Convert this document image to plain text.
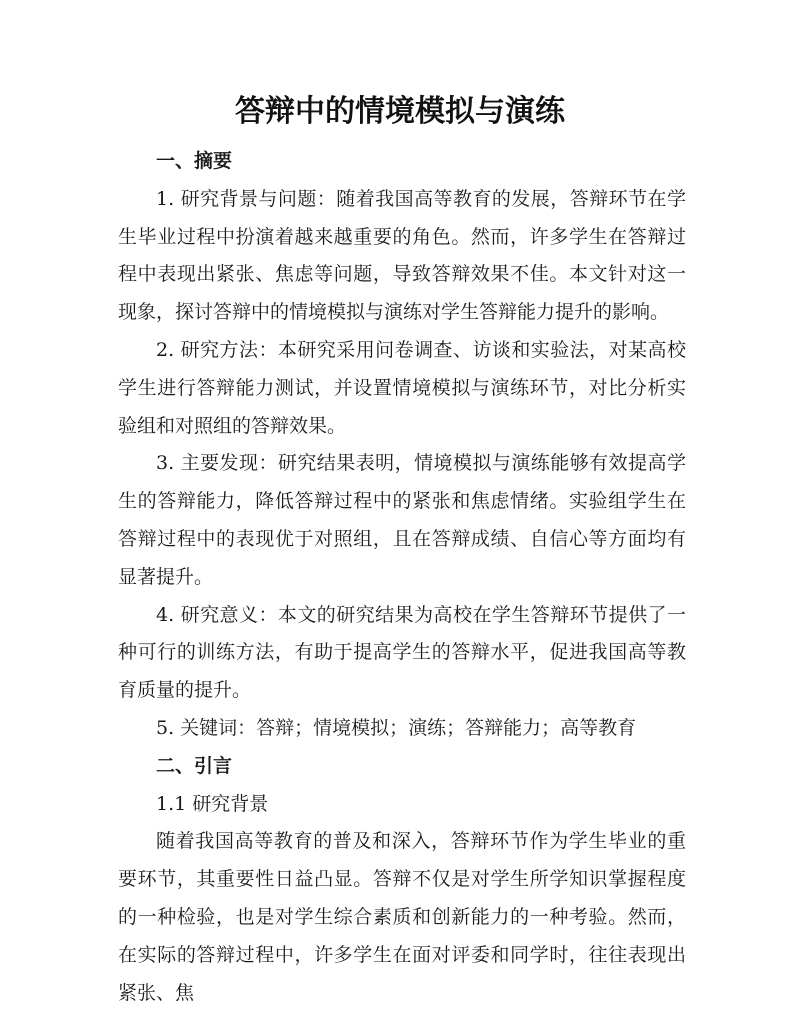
答辩中的情境模拟与演练

一、摘要

1. 研究背景与问题：随着我国高等教育的发展，答辩环节在学生毕业过程中扮演着越来越重要的角色。然而，许多学生在答辩过程中表现出紧张、焦虑等问题，导致答辩效果不佳。本文针对这一现象，探讨答辩中的情境模拟与演练对学生答辩能力提升的影响。

2. 研究方法：本研究采用问卷调查、访谈和实验法，对某高校学生进行答辩能力测试，并设置情境模拟与演练环节，对比分析实验组和对照组的答辩效果。

3. 主要发现：研究结果表明，情境模拟与演练能够有效提高学生的答辩能力，降低答辩过程中的紧张和焦虑情绪。实验组学生在答辩过程中的表现优于对照组，且在答辩成绩、自信心等方面均有显著提升。

4. 研究意义：本文的研究结果为高校在学生答辩环节提供了一种可行的训练方法，有助于提高学生的答辩水平，促进我国高等教育质量的提升。

5. 关键词：答辩；情境模拟；演练；答辩能力；高等教育

二、引言

1.1 研究背景

随着我国高等教育的普及和深入，答辩环节作为学生毕业的重要环节，其重要性日益凸显。答辩不仅是对学生所学知识掌握程度的一种检验，也是对学生综合素质和创新能力的一种考验。然而，在实际的答辩过程中，许多学生在面对评委和同学时，往往表现出紧张、焦
